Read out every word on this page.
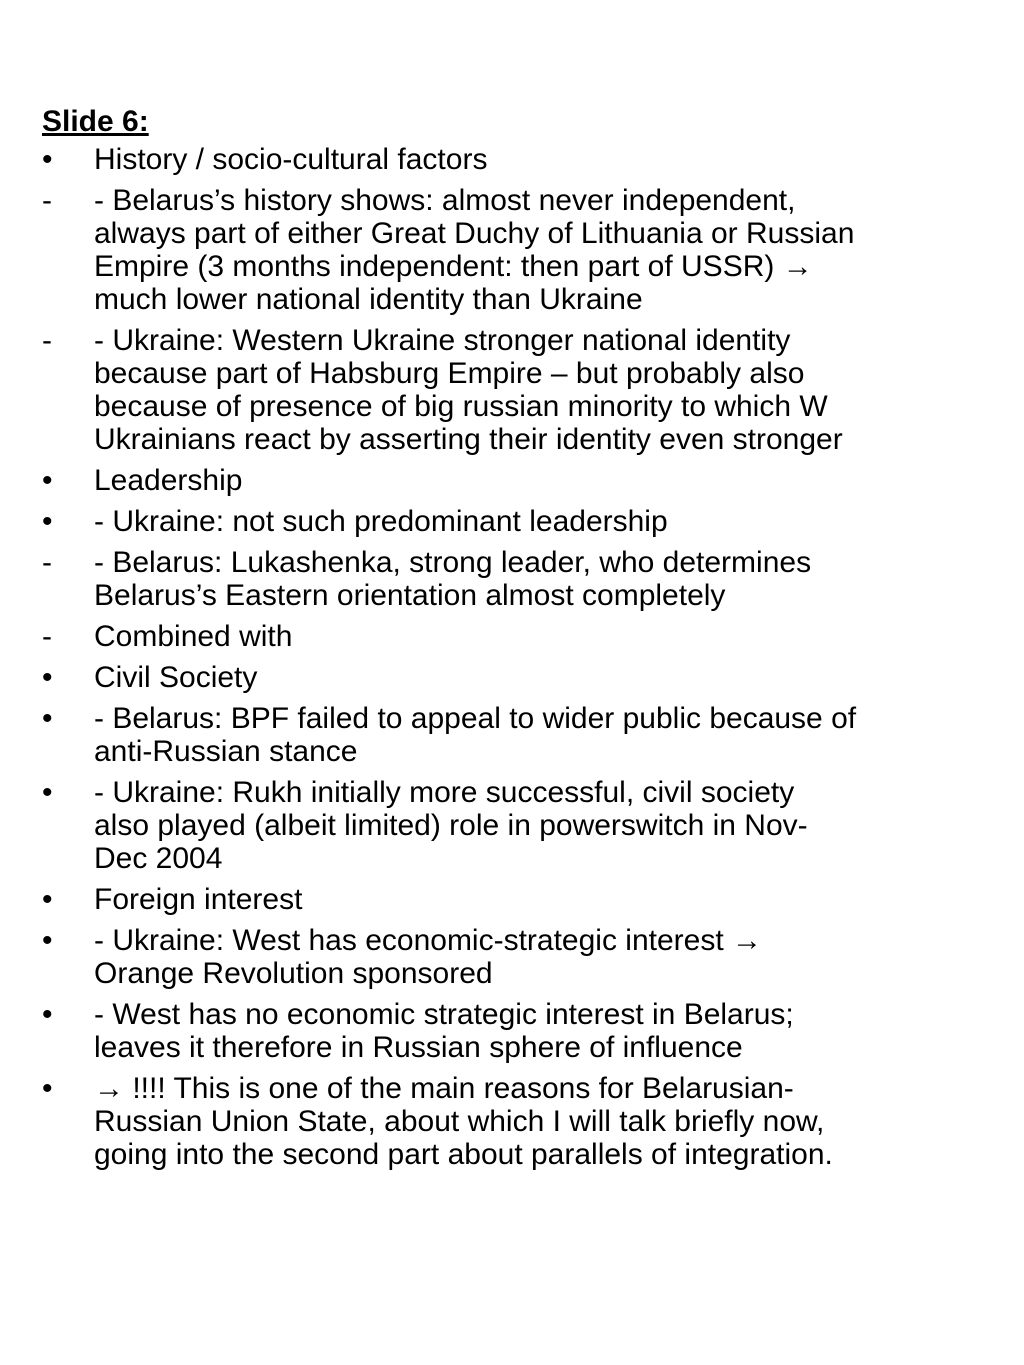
Slide 6:
•	History / socio-cultural factors
-	- Belarus’s history shows: almost never independent,
always part of either Great Duchy of Lithuania or Russian
Empire (3 months independent: then part of USSR) →
much lower national identity than Ukraine
-	- Ukraine: Western Ukraine stronger national identity
because part of Habsburg Empire – but probably also
because of presence of big russian minority to which W
Ukrainians react by asserting their identity even stronger
•	Leadership
•	- Ukraine: not such predominant leadership
-	- Belarus: Lukashenka, strong leader, who determines
Belarus’s Eastern orientation almost completely
-	Combined with
•	Civil Society
•	- Belarus: BPF failed to appeal to wider public because of
anti-Russian stance
•	- Ukraine: Rukh initially more successful, civil society
also played (albeit limited) role in powerswitch in Nov-
Dec 2004
•	Foreign interest
•	- Ukraine: West has economic-strategic interest →
Orange Revolution sponsored
•	- West has no economic strategic interest in Belarus;
leaves it therefore in Russian sphere of influence
•	→ !!!! This is one of the main reasons for Belarusian-
Russian Union State, about which I will talk briefly now,
going into the second part about parallels of integration.
